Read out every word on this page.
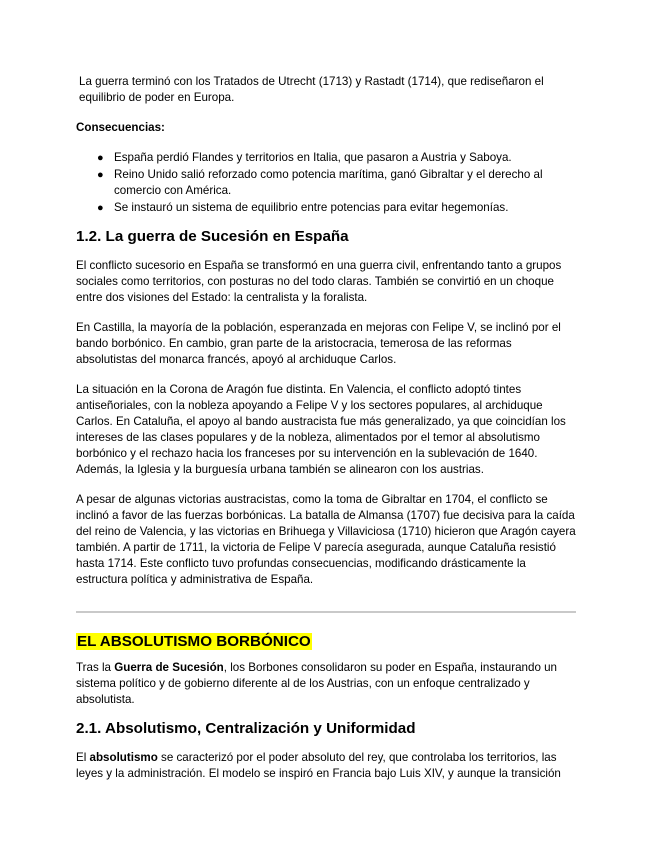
La guerra terminó con los Tratados de Utrecht (1713) y Rastadt (1714), que rediseñaron el equilibrio de poder en Europa.

Consecuencias:

● España perdió Flandes y territorios en Italia, que pasaron a Austria y Saboya.
● Reino Unido salió reforzado como potencia marítima, ganó Gibraltar y el derecho al comercio con América.
● Se instauró un sistema de equilibrio entre potencias para evitar hegemonías.
1.2. La guerra de Sucesión en España

El conflicto sucesorio en España se transformó en una guerra civil, enfrentando tanto a grupos sociales como territorios, con posturas no del todo claras. También se convirtió en un choque entre dos visiones del Estado: la centralista y la foralista.

En Castilla, la mayoría de la población, esperanzada en mejoras con Felipe V, se inclinó por el bando borbónico. En cambio, gran parte de la aristocracia, temerosa de las reformas absolutistas del monarca francés, apoyó al archiduque Carlos.

La situación en la Corona de Aragón fue distinta. En Valencia, el conflicto adoptó tintes antiseñoriales, con la nobleza apoyando a Felipe V y los sectores populares, al archiduque Carlos. En Cataluña, el apoyo al bando austracista fue más generalizado, ya que coincidían los intereses de las clases populares y de la nobleza, alimentados por el temor al absolutismo borbónico y el rechazo hacia los franceses por su intervención en la sublevación de 1640. Además, la Iglesia y la burguesía urbana también se alinearon con los austrias.

A pesar de algunas victorias austracistas, como la toma de Gibraltar en 1704, el conflicto se inclinó a favor de las fuerzas borbónicas. La batalla de Almansa (1707) fue decisiva para la caída del reino de Valencia, y las victorias en Brihuega y Villaviciosa (1710) hicieron que Aragón cayera también. A partir de 1711, la victoria de Felipe V parecía asegurada, aunque Cataluña resistió hasta 1714. Este conflicto tuvo profundas consecuencias, modificando drásticamente la estructura política y administrativa de España.

EL ABSOLUTISMO BORBÓNICO

Tras la Guerra de Sucesión, los Borbones consolidaron su poder en España, instaurando un sistema político y de gobierno diferente al de los Austrias, con un enfoque centralizado y absolutista.

2.1. Absolutismo, Centralización y Uniformidad

El absolutismo se caracterizó por el poder absoluto del rey, que controlaba los territorios, las leyes y la administración. El modelo se inspiró en Francia bajo Luis XIV, y aunque la transición
